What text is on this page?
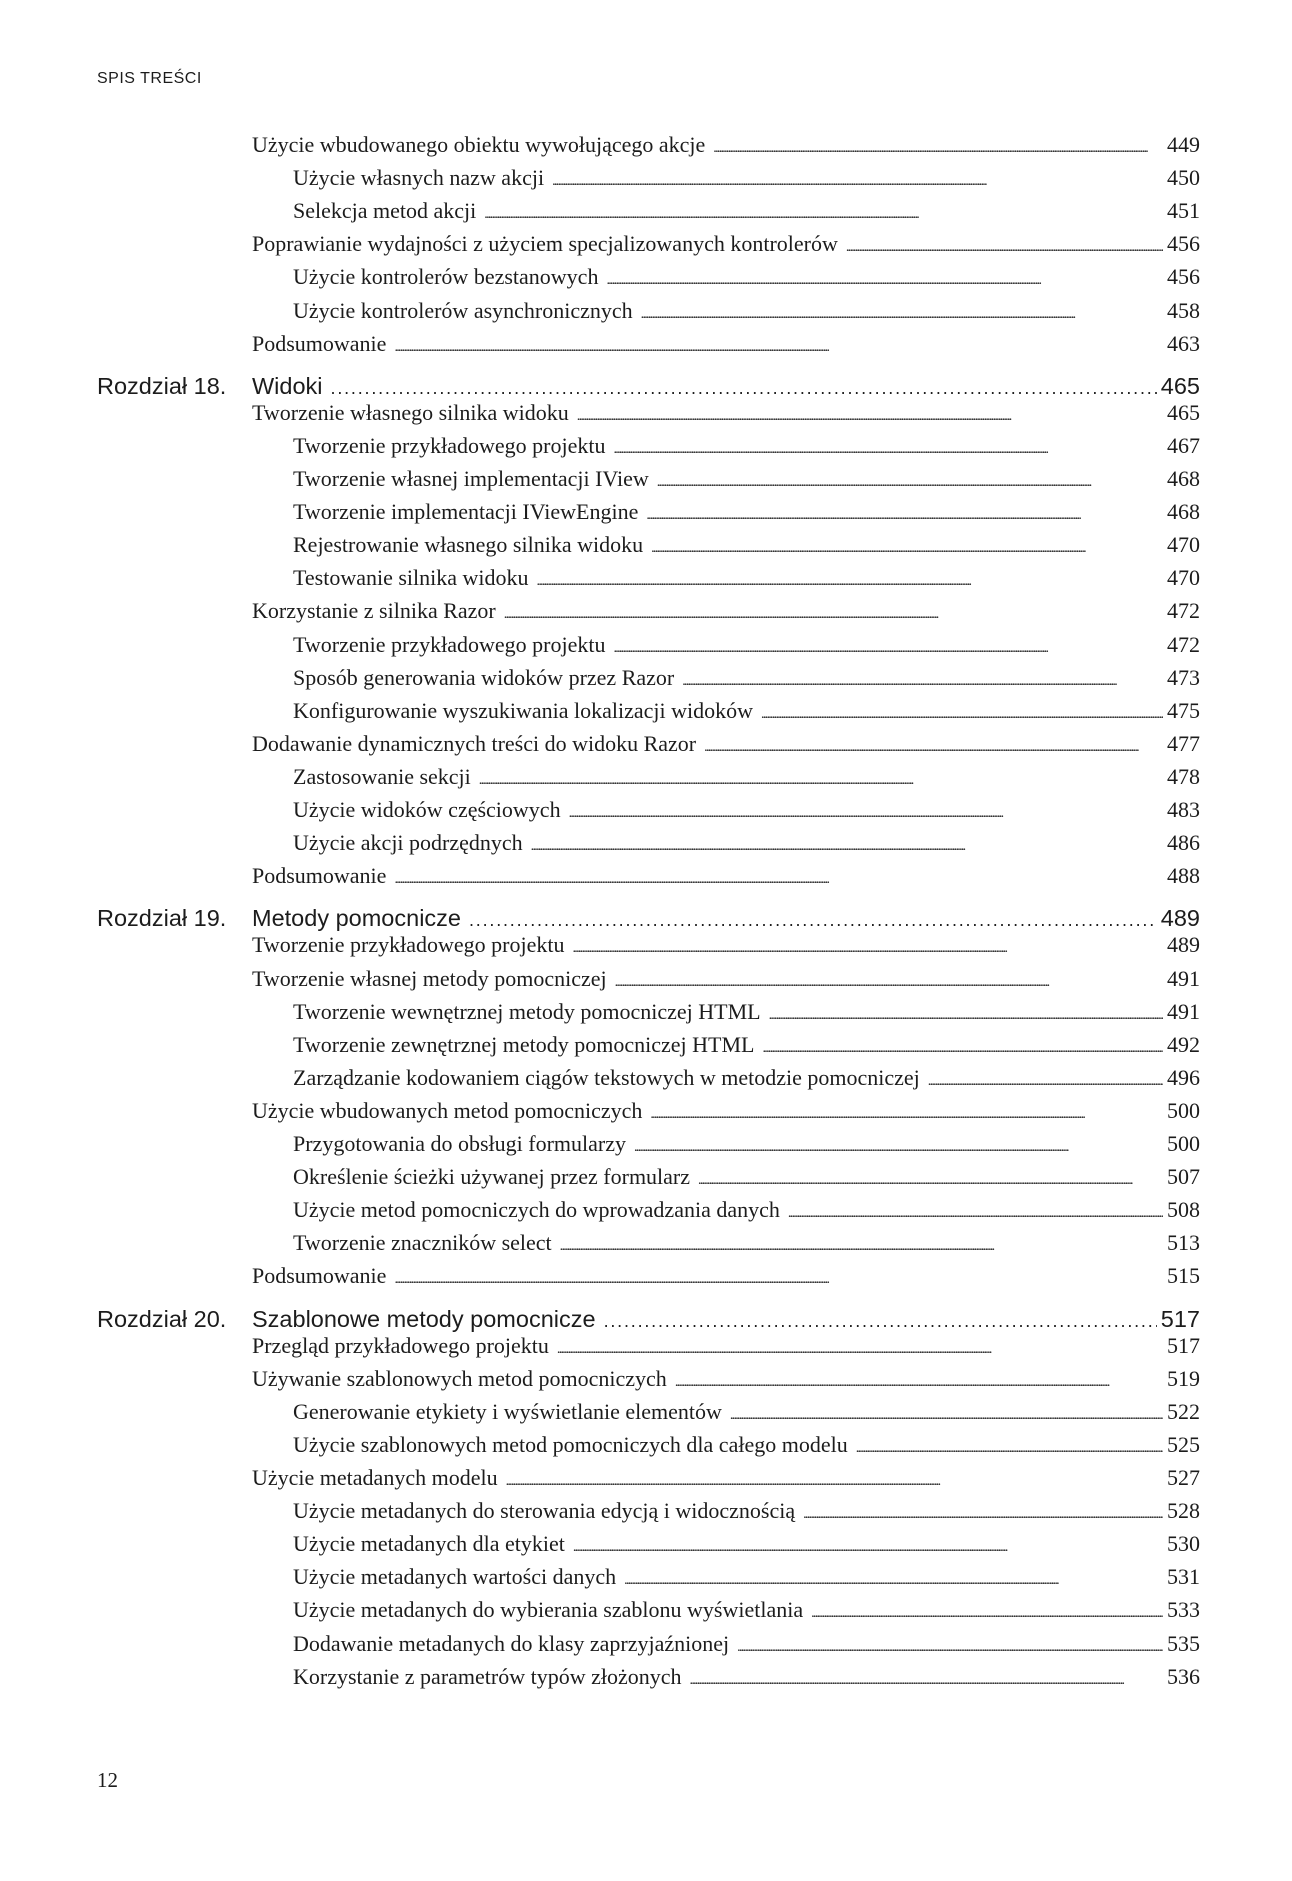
SPIS TREŚCI
Użycie wbudowanego obiektu wywołującego akcje . . .	449
Użycie własnych nazw akcji . . .	450
Selekcja metod akcji . . .	451
Poprawianie wydajności z użyciem specjalizowanych kontrolerów . . .	456
Użycie kontrolerów bezstanowych . . .	456
Użycie kontrolerów asynchronicznych . . .	458
Podsumowanie . . .	463
Rozdział 18.	Widoki . . .	465
Tworzenie własnego silnika widoku . . .	465
Tworzenie przykładowego projektu . . .	467
Tworzenie własnej implementacji IView . . .	468
Tworzenie implementacji IViewEngine . . .	468
Rejestrowanie własnego silnika widoku . . .	470
Testowanie silnika widoku . . .	470
Korzystanie z silnika Razor . . .	472
Tworzenie przykładowego projektu . . .	472
Sposób generowania widoków przez Razor . . .	473
Konfigurowanie wyszukiwania lokalizacji widoków . . .	475
Dodawanie dynamicznych treści do widoku Razor . . .	477
Zastosowanie sekcji . . .	478
Użycie widoków częściowych . . .	483
Użycie akcji podrzędnych . . .	486
Podsumowanie . . .	488
Rozdział 19.	Metody pomocnicze . . .	489
Tworzenie przykładowego projektu . . .	489
Tworzenie własnej metody pomocniczej . . .	491
Tworzenie wewnętrznej metody pomocniczej HTML . . .	491
Tworzenie zewnętrznej metody pomocniczej HTML . . .	492
Zarządzanie kodowaniem ciągów tekstowych w metodzie pomocniczej . . .	496
Użycie wbudowanych metod pomocniczych . . .	500
Przygotowania do obsługi formularzy . . .	500
Określenie ścieżki używanej przez formularz . . .	507
Użycie metod pomocniczych do wprowadzania danych . . .	508
Tworzenie znaczników select . . .	513
Podsumowanie . . .	515
Rozdział 20.	Szablonowe metody pomocnicze . . .	517
Przegląd przykładowego projektu . . .	517
Używanie szablonowych metod pomocniczych . . .	519
Generowanie etykiety i wyświetlanie elementów . . .	522
Użycie szablonowych metod pomocniczych dla całego modelu . . .	525
Użycie metadanych modelu . . .	527
Użycie metadanych do sterowania edycją i widocznością . . .	528
Użycie metadanych dla etykiet . . .	530
Użycie metadanych wartości danych . . .	531
Użycie metadanych do wybierania szablonu wyświetlania . . .	533
Dodawanie metadanych do klasy zaprzyjaźnionej . . .	535
Korzystanie z parametrów typów złożonych . . .	536
12
